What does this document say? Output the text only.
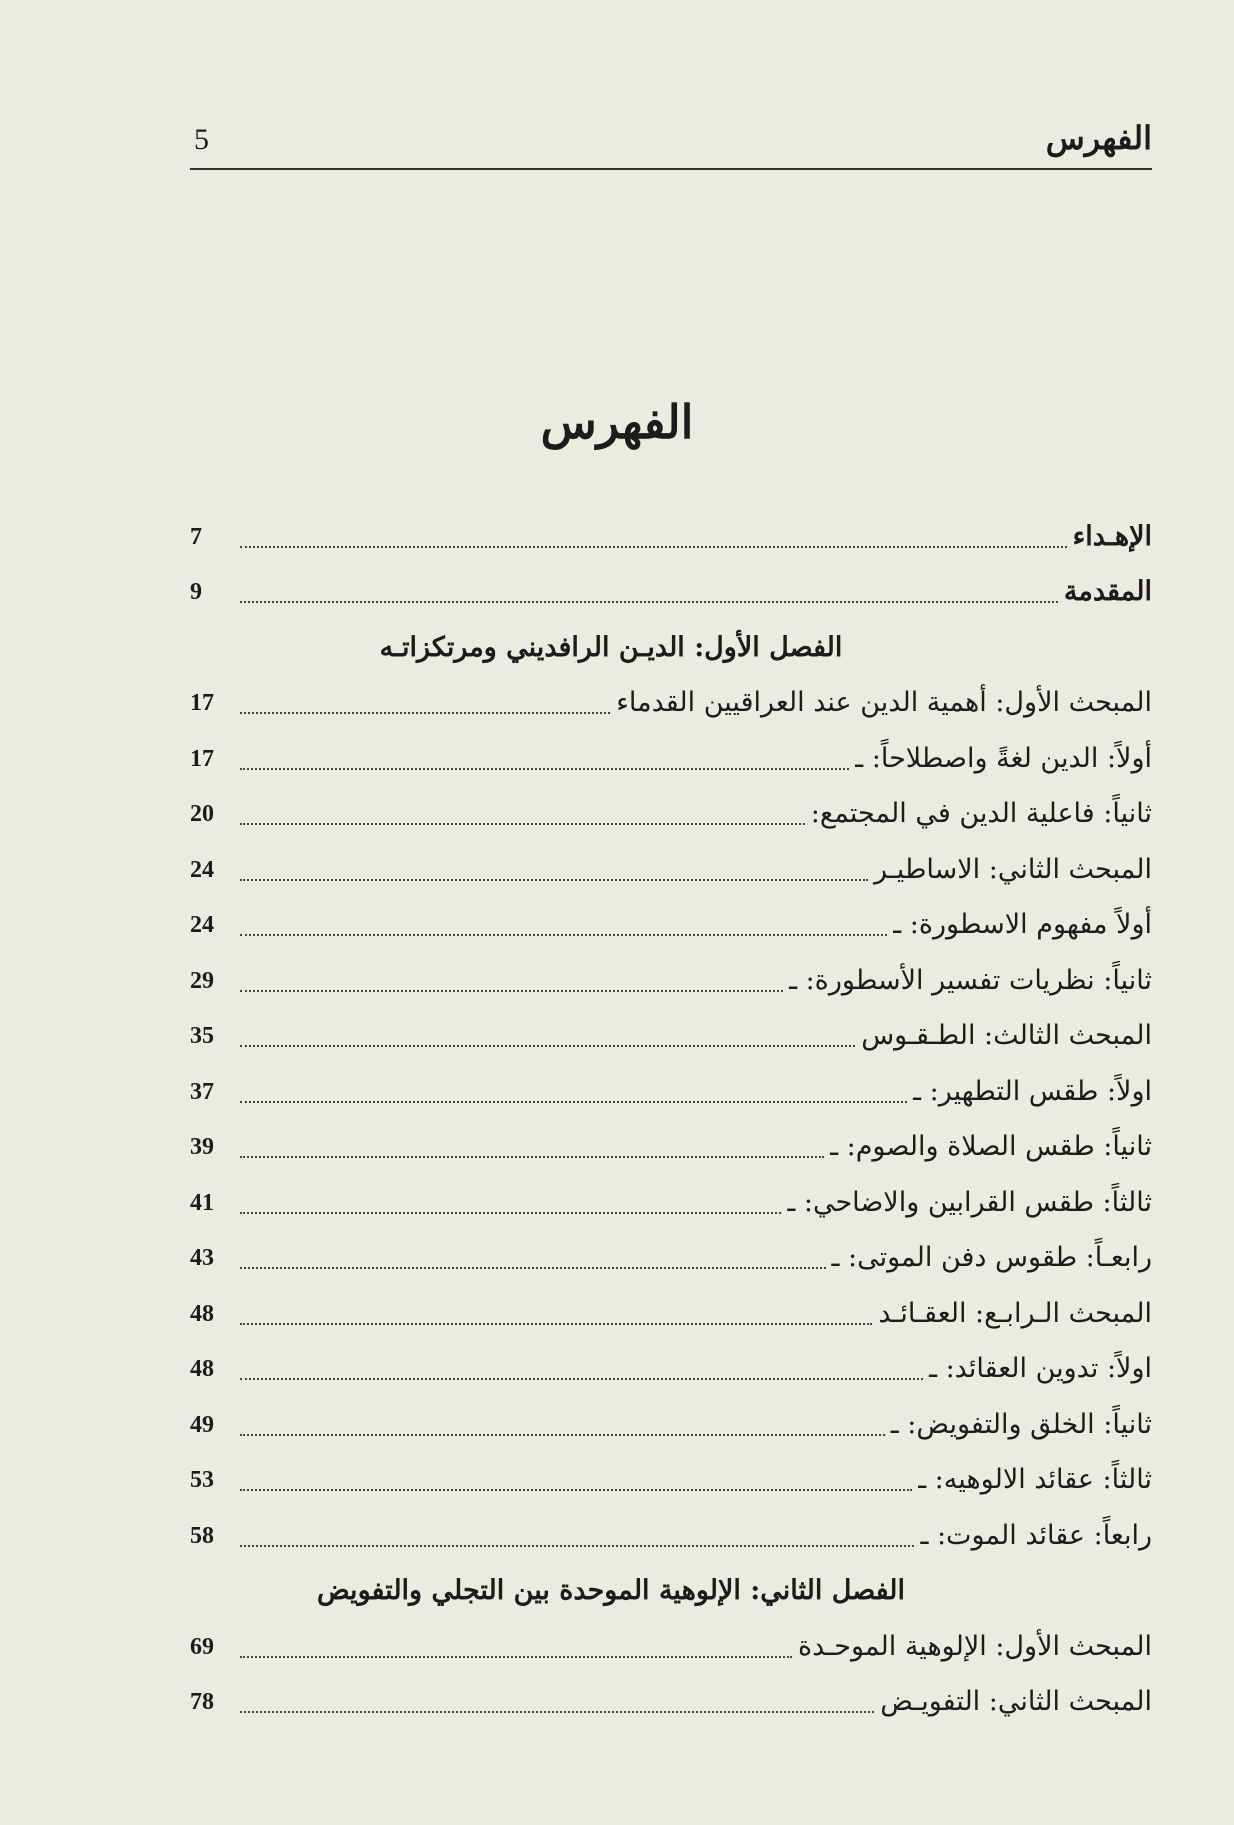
الفهرس
5
الفهرس
الإهـداء
7
المقدمة
9
الفصل الأول: الديـن الرافديني ومرتكزاتـه
المبحث الأول: أهمية الدين عند العراقيين القدماء
17
أولاً: الدين لغةً واصطلاحاً: ـ
17
ثانياً: فاعلية الدين في المجتمع:
20
المبحث الثاني: الاساطيـر
24
أولاً مفهوم الاسطورة: ـ
24
ثانياً: نظريات تفسير الأسطورة: ـ
29
المبحث الثالث: الطـقـوس
35
اولاً: طقس التطهير: ـ
37
ثانياً: طقس الصلاة والصوم: ـ
39
ثالثاً: طقس القرابين والاضاحي: ـ
41
رابعـاً: طقوس دفن الموتى: ـ
43
المبحث الـرابـع: العقـائـد
48
اولاً: تدوين العقائد: ـ
48
ثانياً: الخلق والتفويض: ـ
49
ثالثاً: عقائد الالوهيه: ـ
53
رابعاً: عقائد الموت: ـ
58
الفصل الثاني: الإلوهية الموحدة بين التجلي والتفويض
المبحث الأول: الإلوهية الموحـدة
69
المبحث الثاني: التفويـض
78
